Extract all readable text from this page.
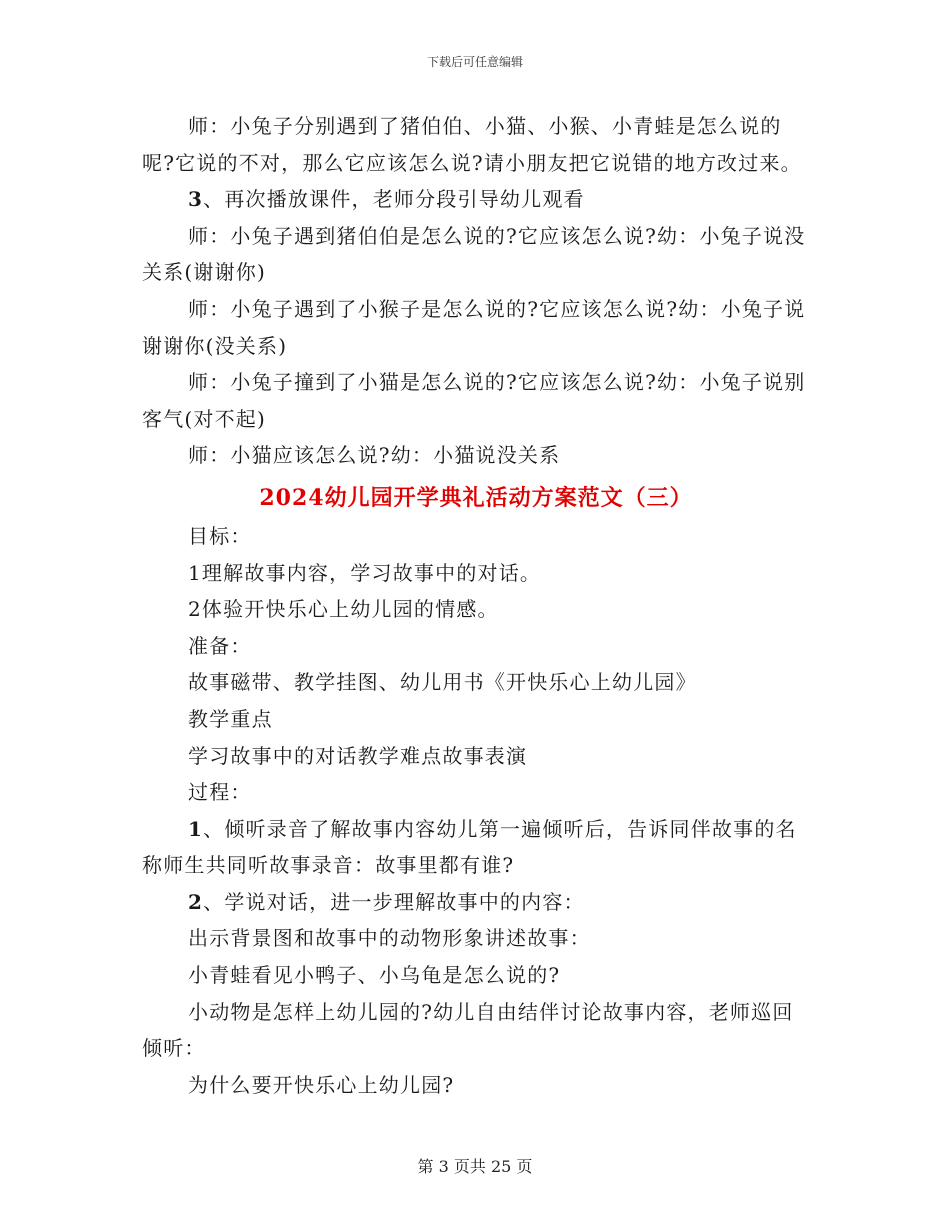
下载后可任意编辑

师：小兔子分别遇到了猪伯伯、小猫、小猴、小青蛙是怎么说的呢?它说的不对，那么它应该怎么说?请小朋友把它说错的地方改过来。

3、再次播放课件，老师分段引导幼儿观看

师：小兔子遇到猪伯伯是怎么说的?它应该怎么说?幼：小兔子说没关系(谢谢你)

师：小兔子遇到了小猴子是怎么说的?它应该怎么说?幼：小兔子说谢谢你(没关系)

师：小兔子撞到了小猫是怎么说的?它应该怎么说?幼：小兔子说别客气(对不起)

师：小猫应该怎么说?幼：小猫说没关系

2024幼儿园开学典礼活动方案范文（三）

目标：

1理解故事内容，学习故事中的对话。

2体验开快乐心上幼儿园的情感。

准备：

故事磁带、教学挂图、幼儿用书《开快乐心上幼儿园》

教学重点

学习故事中的对话教学难点故事表演

过程：

1、倾听录音了解故事内容幼儿第一遍倾听后，告诉同伴故事的名称师生共同听故事录音：故事里都有谁?

2、学说对话，进一步理解故事中的内容：

出示背景图和故事中的动物形象讲述故事：

小青蛙看见小鸭子、小乌龟是怎么说的?

小动物是怎样上幼儿园的?幼儿自由结伴讨论故事内容，老师巡回倾听：

为什么要开快乐心上幼儿园?

第 3 页共 25 页
